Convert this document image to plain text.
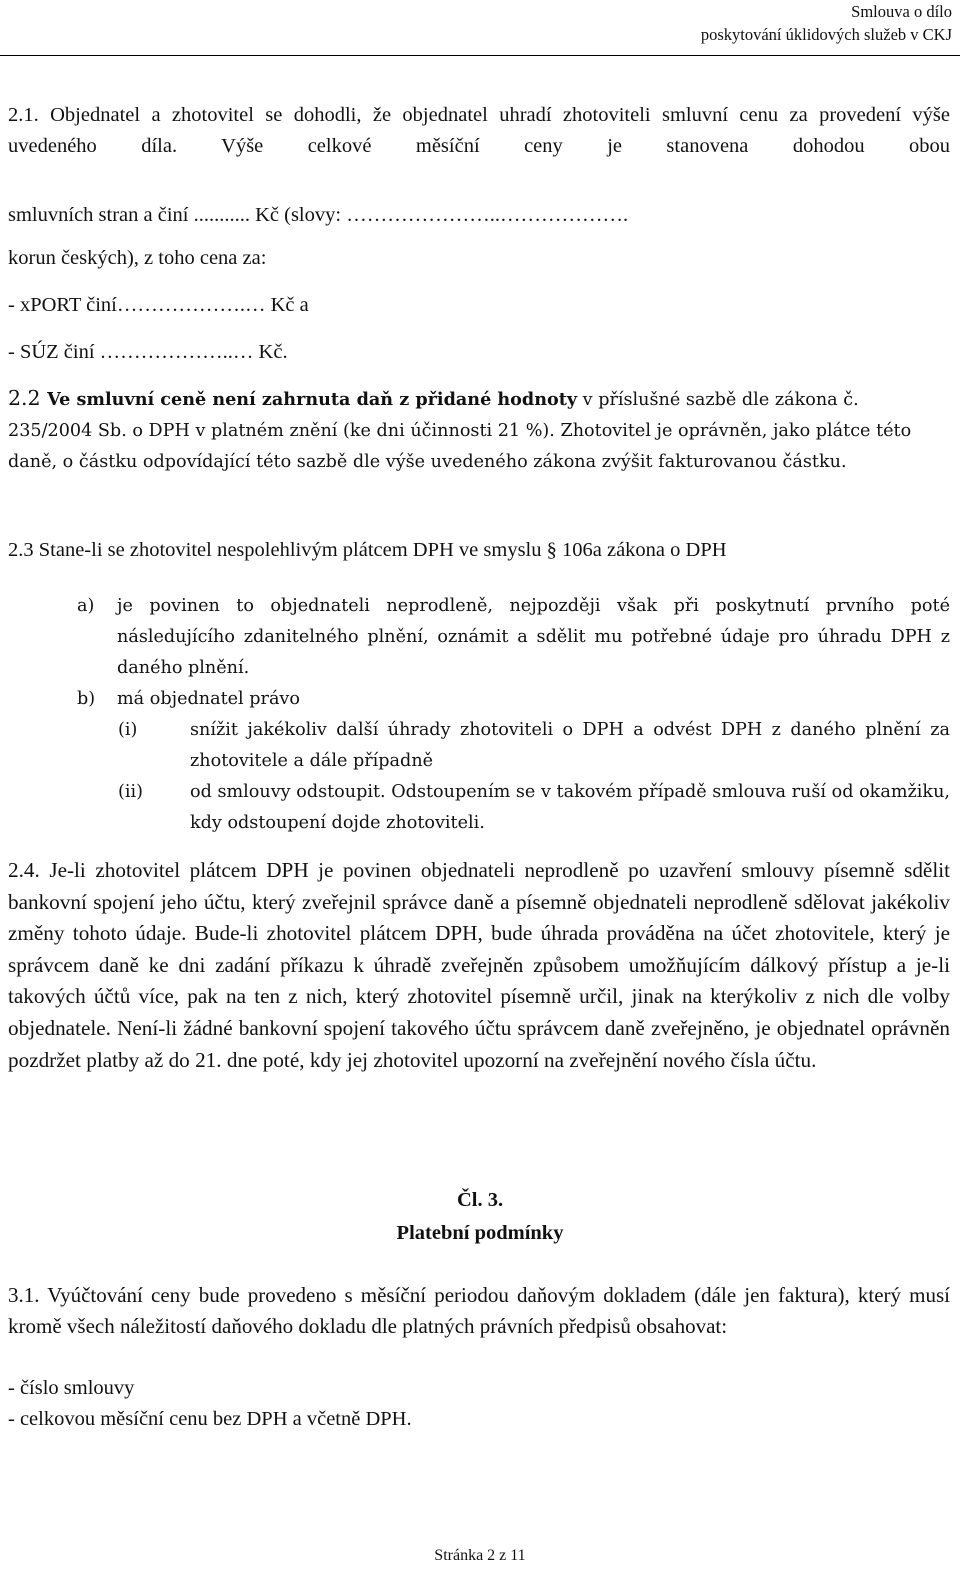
Smlouva o dílo
poskytování úklidových služeb v CKJ
2.1. Objednatel a zhotovitel se dohodli, že objednatel uhradí zhotoviteli smluvní cenu za provedení výše uvedeného díla. Výše celkové měsíční ceny je stanovena dohodou obou
smluvních stran a činí ........... Kč (slovy: …………………..……………….
korun českých), z toho cena za:
- xPORT činí……………….… Kč a
- SÚZ činí ………………..… Kč.
2.2 Ve smluvní ceně není zahrnuta daň z přidané hodnoty v příslušné sazbě dle zákona č. 235/2004 Sb. o DPH v platném znění (ke dni účinnosti 21 %). Zhotovitel je oprávněn, jako plátce této daně, o částku odpovídající této sazbě dle výše uvedeného zákona zvýšit fakturovanou částku.
2.3 Stane-li se zhotovitel nespolehlivým plátcem DPH ve smyslu § 106a zákona o DPH
a) je povinen to objednateli neprodleně, nejpozději však při poskytnutí prvního poté následujícího zdanitelného plnění, oznámit a sdělit mu potřebné údaje pro úhradu DPH z daného plnění.
b) má objednatel právo
(i)	snížit jakékoliv další úhrady zhotoviteli o DPH a odvést DPH z daného plnění za zhotovitele a dále případně
(ii)	od smlouvy odstoupit. Odstoupením se v takovém případě smlouva ruší od okamžiku, kdy odstoupení dojde zhotoviteli.
2.4. Je-li zhotovitel plátcem DPH je povinen objednateli neprodleně po uzavření smlouvy písemně sdělit bankovní spojení jeho účtu, který zveřejnil správce daně a písemně objednateli neprodleně sdělovat jakékoliv změny tohoto údaje. Bude-li zhotovitel plátcem DPH, bude úhrada prováděna na účet zhotovitele, který je správcem daně ke dni zadání příkazu k úhradě zveřejněn způsobem umožňujícím dálkový přístup a je-li takových účtů více, pak na ten z nich, který zhotovitel písemně určil, jinak na kterýkoliv z nich dle volby objednatele. Není-li žádné bankovní spojení takového účtu správcem daně zveřejněno, je objednatel oprávněn pozdržet platby až do 21. dne poté, kdy jej zhotovitel upozorní na zveřejnění nového čísla účtu.
Čl. 3.
Platební podmínky
3.1. Vyúčtování ceny bude provedeno s měsíční periodou daňovým dokladem (dále jen faktura), který musí kromě všech náležitostí daňového dokladu dle platných právních předpisů obsahovat:
- číslo smlouvy
- celkovou měsíční cenu bez DPH a včetně DPH.
Stránka 2 z 11
